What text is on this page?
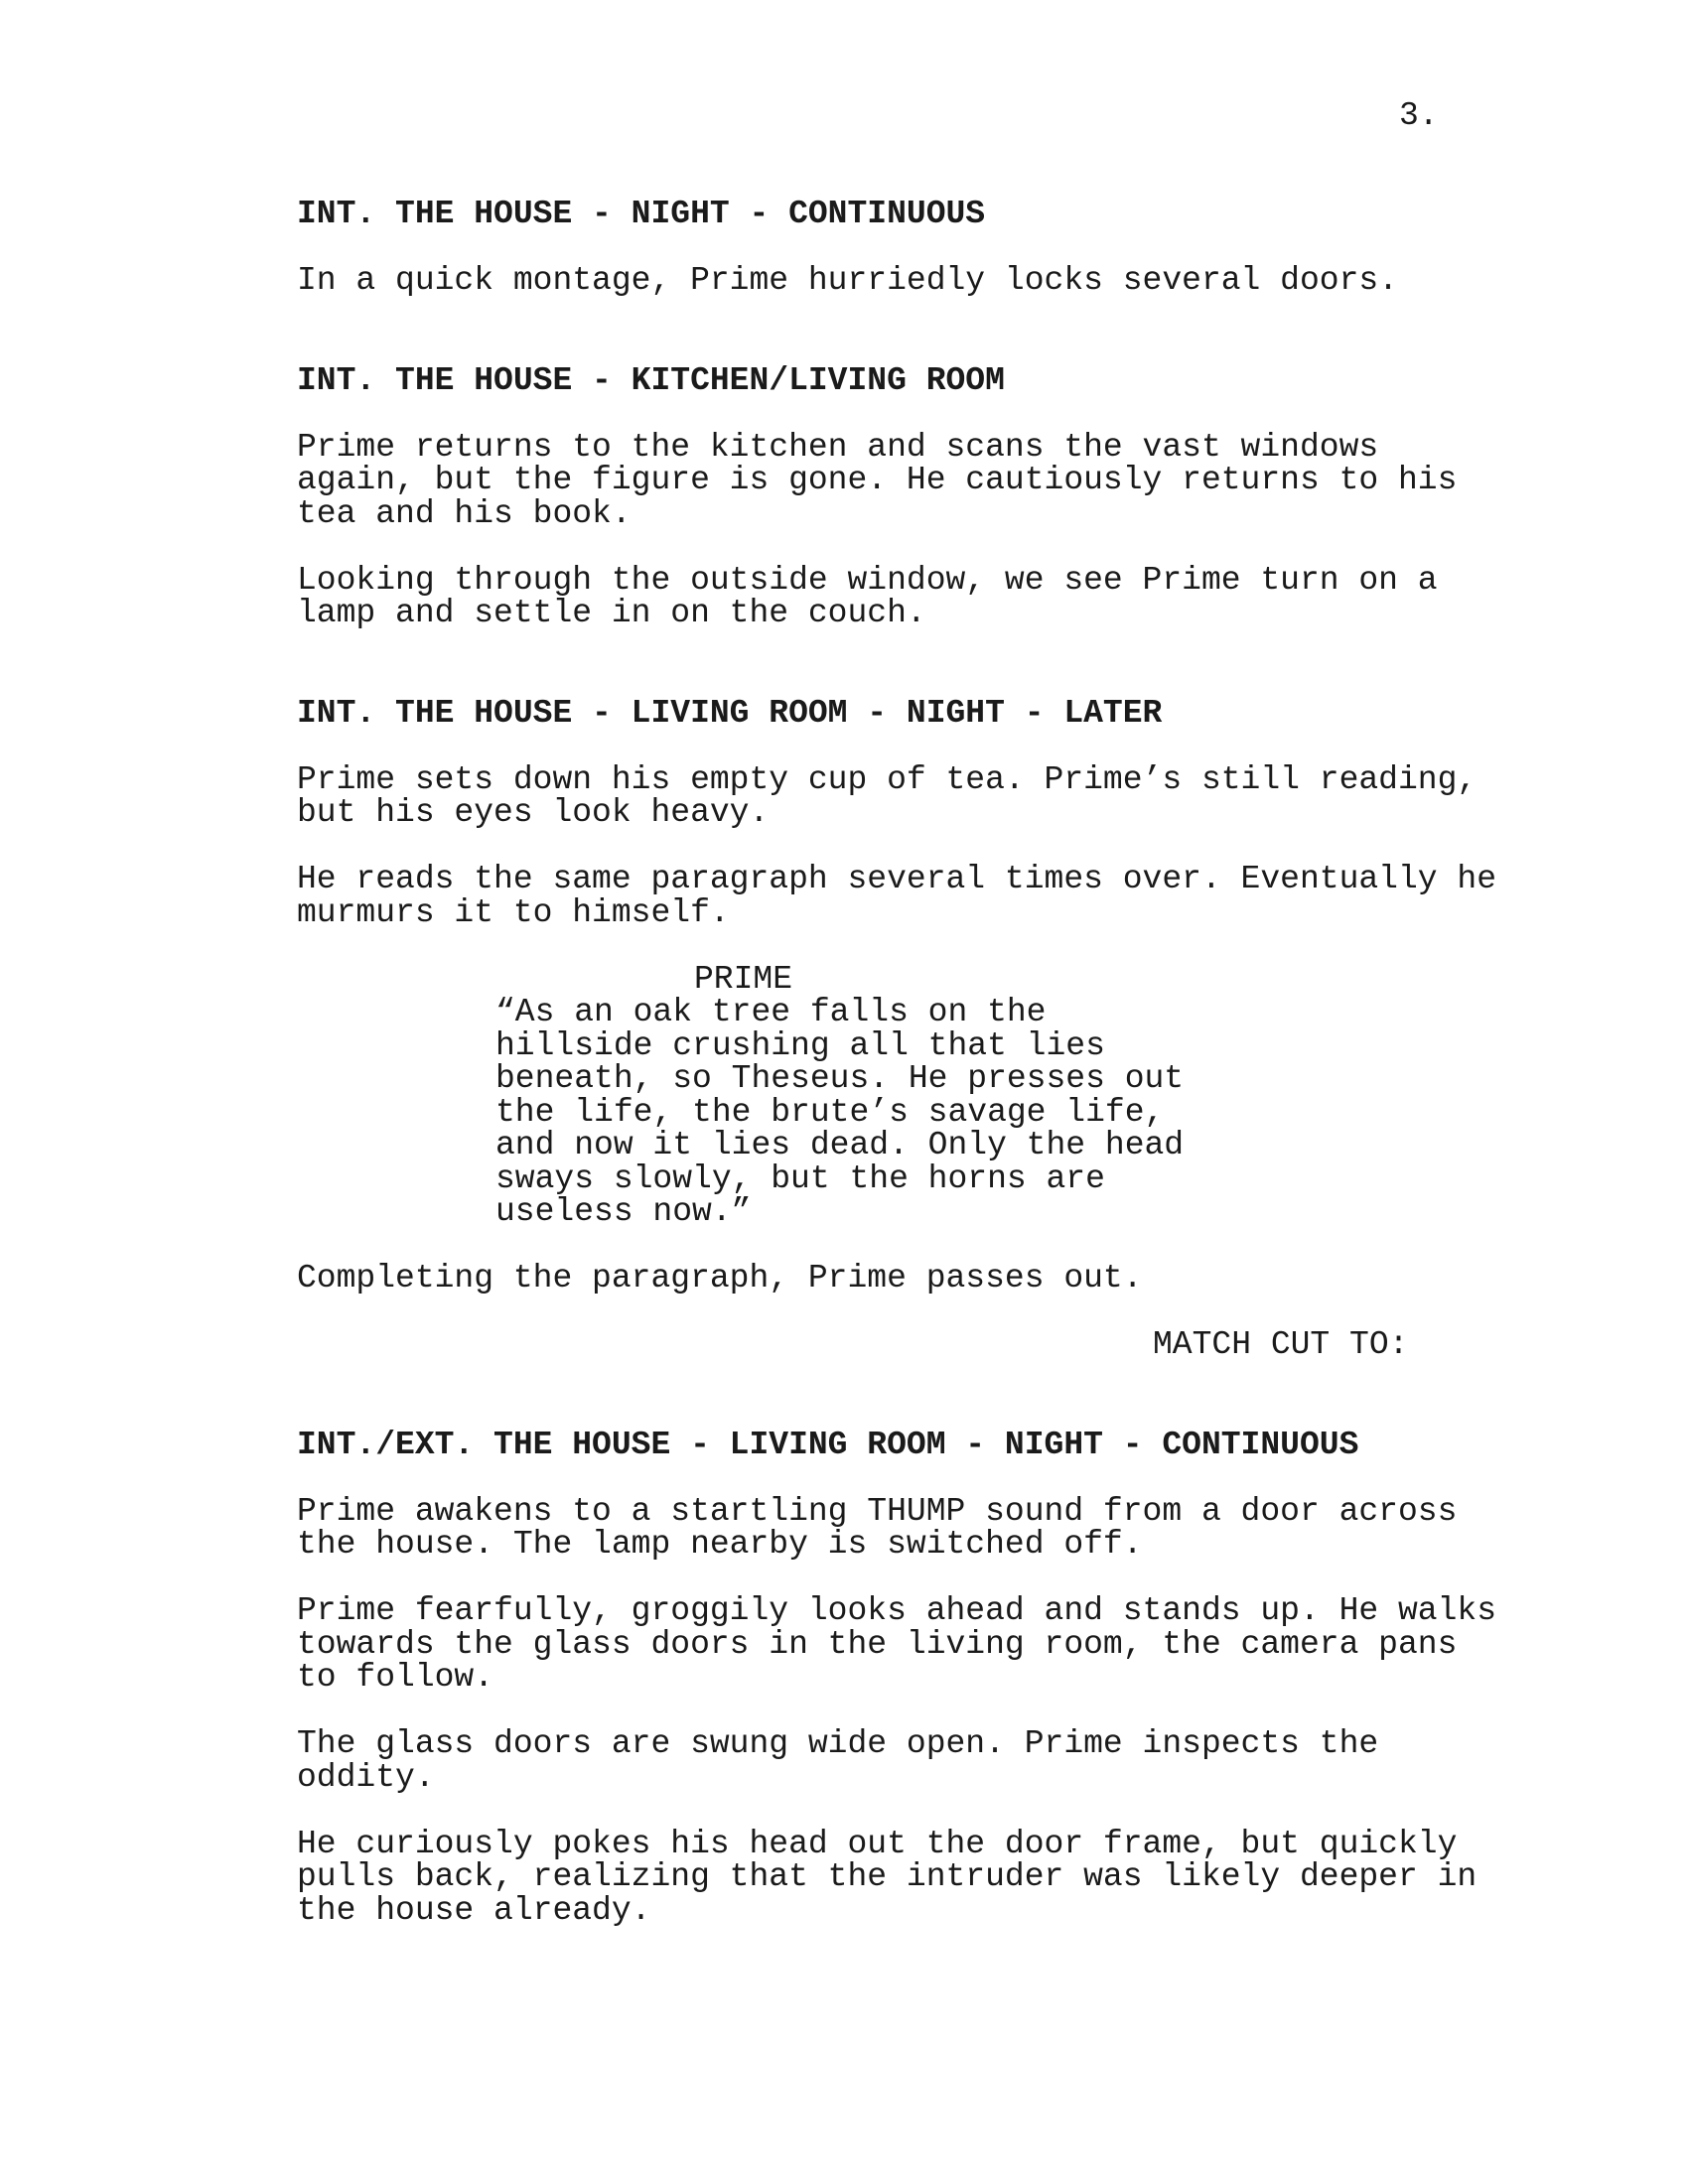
3.

INT. THE HOUSE - NIGHT - CONTINUOUS

In a quick montage, Prime hurriedly locks several doors.

INT. THE HOUSE - KITCHEN/LIVING ROOM

Prime returns to the kitchen and scans the vast windows
again, but the figure is gone. He cautiously returns to his
tea and his book.

Looking through the outside window, we see Prime turn on a
lamp and settle in on the couch.

INT. THE HOUSE - LIVING ROOM - NIGHT - LATER

Prime sets down his empty cup of tea. Prime’s still reading,
but his eyes look heavy.

He reads the same paragraph several times over. Eventually he
murmurs it to himself.

PRIME

“As an oak tree falls on the
hillside crushing all that lies
beneath, so Theseus. He presses out
the life, the brute’s savage life,
and now it lies dead. Only the head
sways slowly, but the horns are
useless now.”

Completing the paragraph, Prime passes out.

MATCH CUT TO:

INT./EXT. THE HOUSE - LIVING ROOM - NIGHT - CONTINUOUS

Prime awakens to a startling THUMP sound from a door across
the house. The lamp nearby is switched off.

Prime fearfully, groggily looks ahead and stands up. He walks
towards the glass doors in the living room, the camera pans
to follow.

The glass doors are swung wide open. Prime inspects the
oddity.

He curiously pokes his head out the door frame, but quickly
pulls back, realizing that the intruder was likely deeper in
the house already.
